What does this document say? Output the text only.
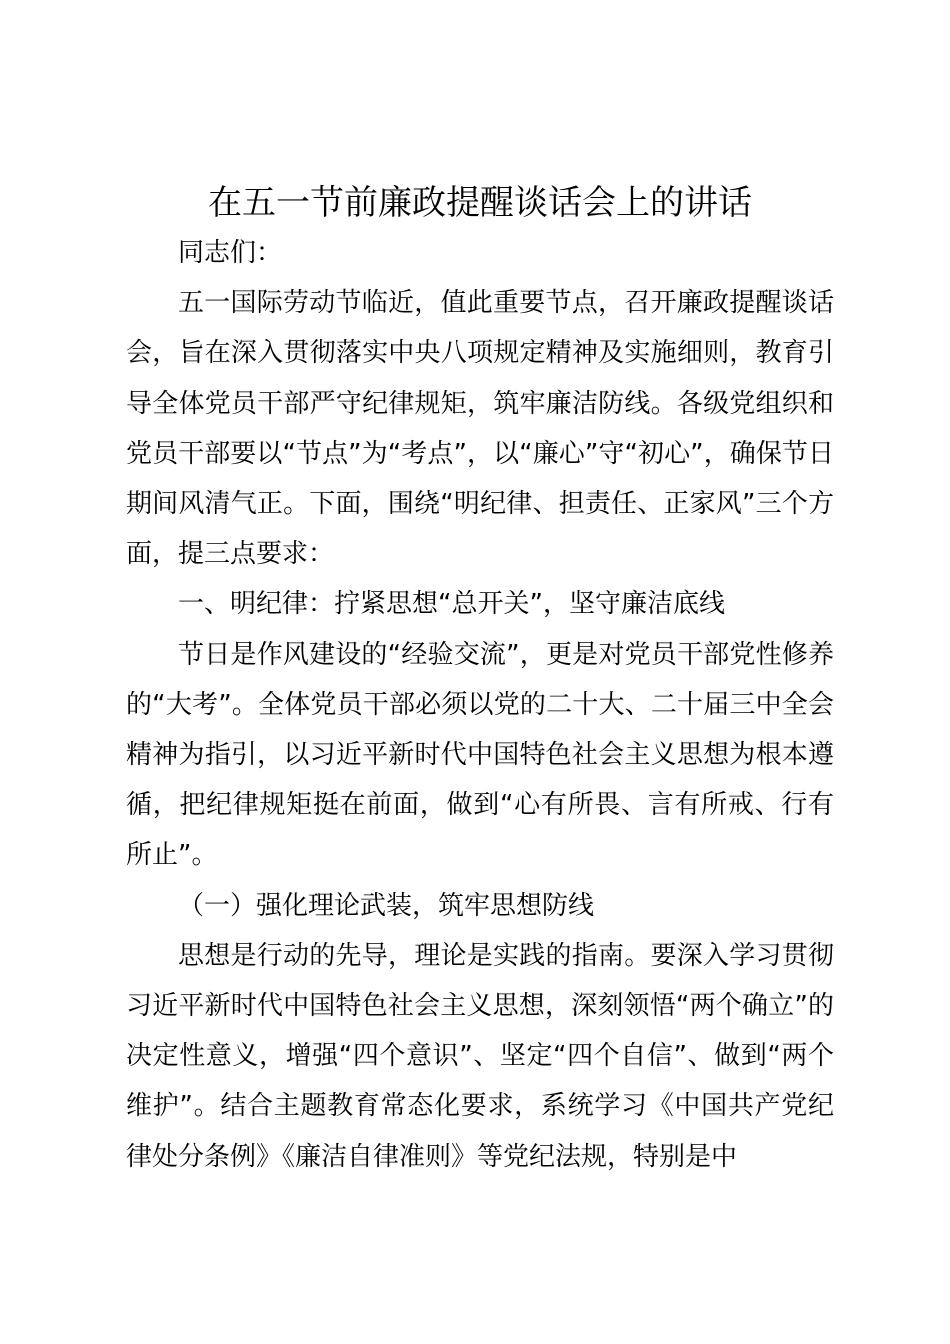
在五一节前廉政提醒谈话会上的讲话

同志们：

五一国际劳动节临近，值此重要节点，召开廉政提醒谈话会，旨在深入贯彻落实中央八项规定精神及实施细则，教育引导全体党员干部严守纪律规矩，筑牢廉洁防线。各级党组织和党员干部要以“节点”为“考点”，以“廉心”守“初心”，确保节日期间风清气正。下面，围绕“明纪律、担责任、正家风”三个方面，提三点要求：

一、明纪律：拧紧思想“总开关”，坚守廉洁底线

节日是作风建设的“经验交流”，更是对党员干部党性修养的“大考”。全体党员干部必须以党的二十大、二十届三中全会精神为指引，以习近平新时代中国特色社会主义思想为根本遵循，把纪律规矩挺在前面，做到“心有所畏、言有所戒、行有所止”。

（一）强化理论武装，筑牢思想防线

思想是行动的先导，理论是实践的指南。要深入学习贯彻习近平新时代中国特色社会主义思想，深刻领悟“两个确立”的决定性意义，增强“四个意识”、坚定“四个自信”、做到“两个维护”。结合主题教育常态化要求，系统学习《中国共产党纪律处分条例》《廉洁自律准则》等党纪法规，特别是中
